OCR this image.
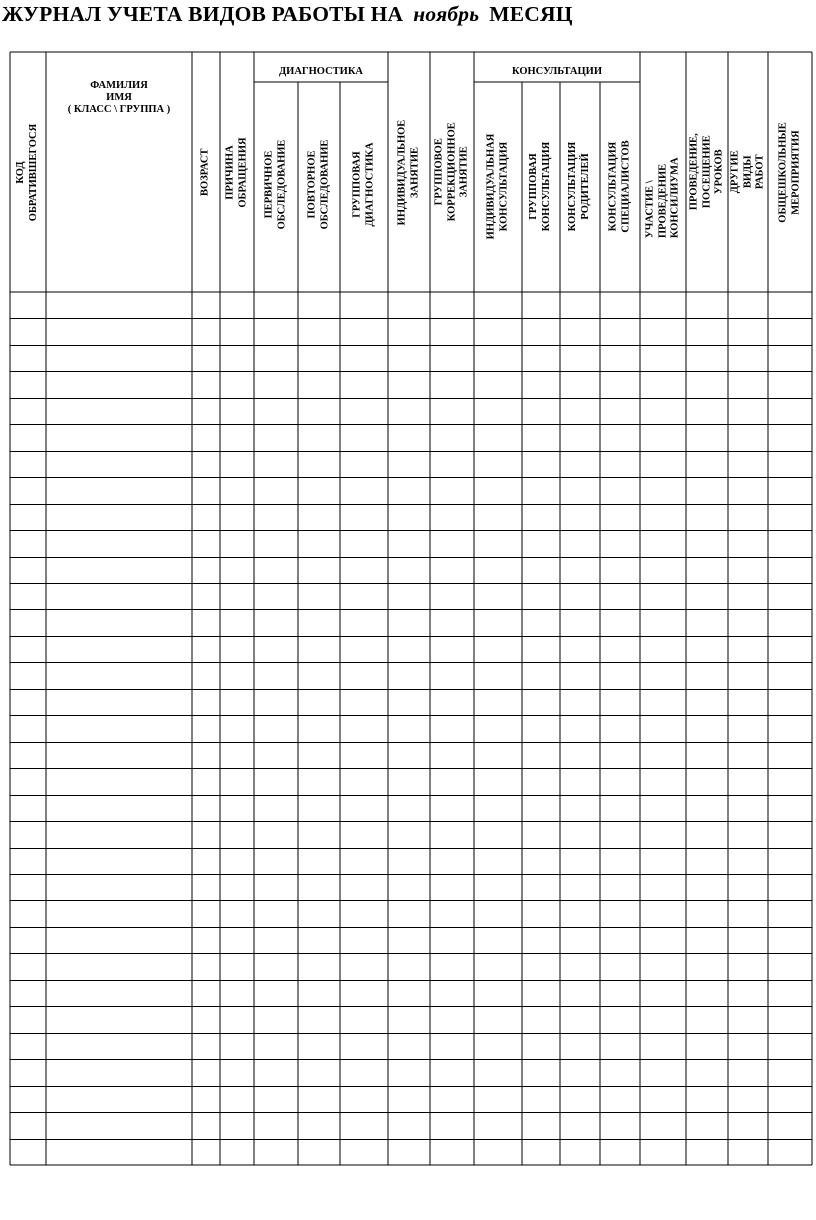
ЖУРНАЛ УЧЕТА ВИДОВ РАБОТЫ НА ноябрь МЕСЯЦ
ДИАГНОСТИКА	КОНСУЛЬТАЦИИ
ФАМИЛИЯ
ИМЯ
( КЛАСС \ ГРУППА )
КОД ОБРАТИВШЕГОСЯ	ВОЗРАСТ ПРИЧИНА ОБРАЩЕНИЯ ПЕРВИЧНОЕ
ОБСЛЕДОВАНИЕ ПОВТОРНОЕ
ОБСЛЕДОВАНИЕ ГРУППОВАЯ
ДИАГНОСТИКА ИНДИВИДУАЛЬНОЕ ЗАНЯТИЕ ГРУППОВОЕ КОРРЕКЦИОННОЕ
ЗАНЯТИЕ ИНДИВИДУАЛЬНАЯ
КОНСУЛЬТАЦИЯ ГРУППОВАЯ
КОНСУЛЬТАЦИЯ КОНСУЛЬТАЦИЯ
РОДИТЕЛЕЙ КОНСУЛЬТАЦИЯ
СПЕЦИАЛИСТОВ УЧАСТИЕ \ ПРОВЕДЕНИЕ
КОНСИЛИУМА ПРОВЕДЕНИЕ, ПОСЕЩЕНИЕ
УРОКОВ ДРУГИЕ ВИДЫ РАБОТ ОБЩЕШКОЛЬНЫЕ
МЕРОПРИЯТИЯ
